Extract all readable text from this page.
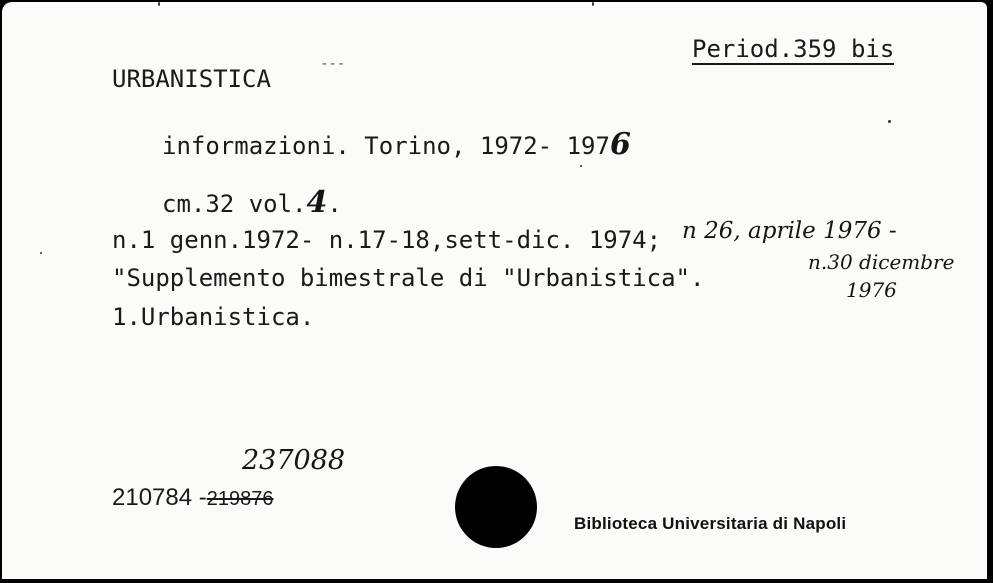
Period.359 bis
URBANISTICA
---
informazioni. Torino, 1972- 1976
cm.32 vol.4.
n.1 genn.1972- n.17-18,sett-dic. 1974; n 26, aprile 1976 -
n.30 dicembre
1976
"Supplemento bimestrale di "Urbanistica".
1.Urbanistica.
237088
210784 -219876
Biblioteca Universitaria di Napoli
